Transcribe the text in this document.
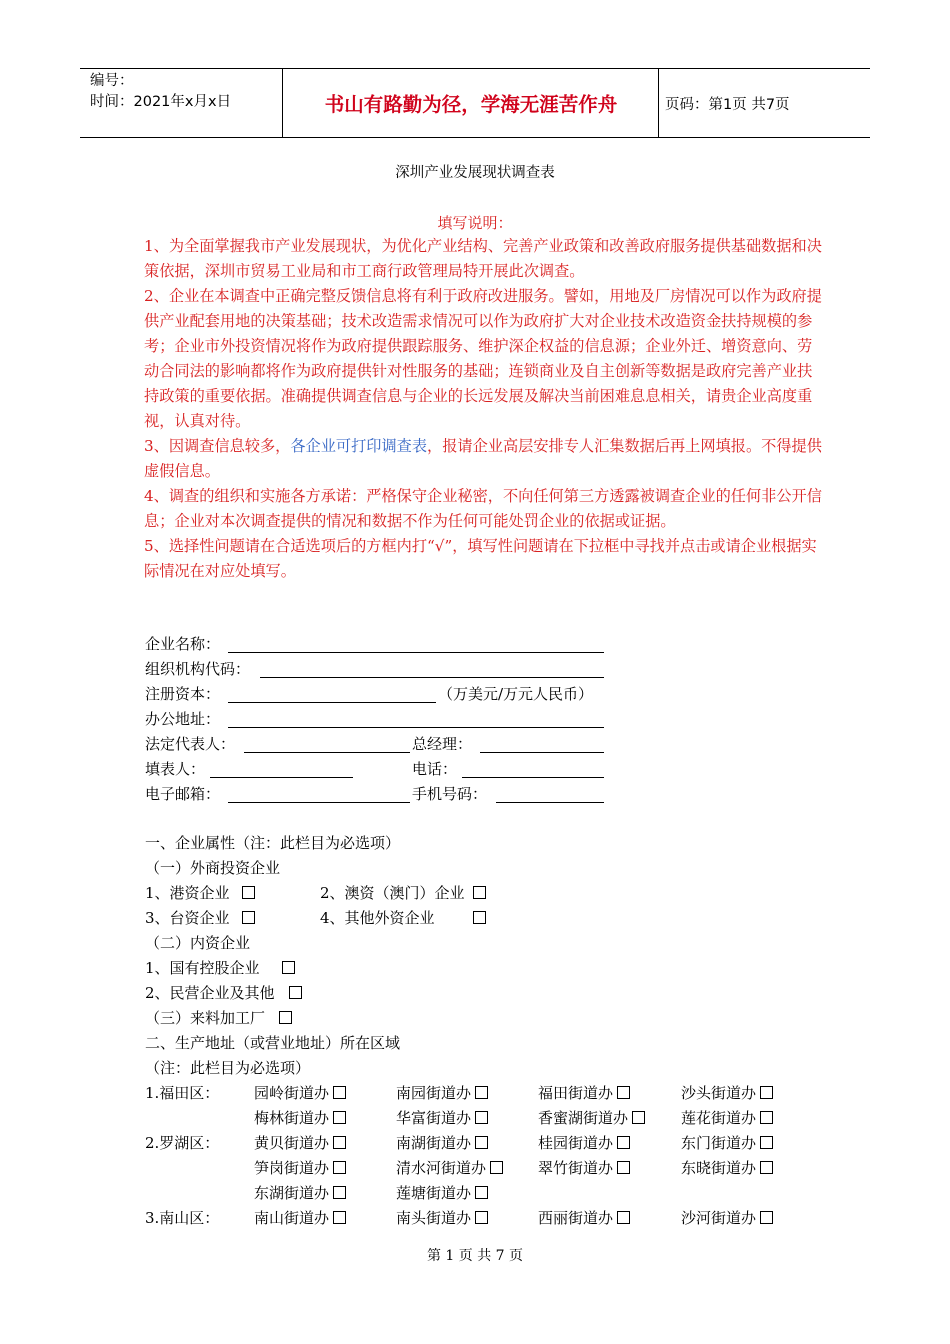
编号：
时间：2021年x月x日	书山有路勤为径，学海无涯苦作舟	页码：第1页 共7页
深圳产业发展现状调查表
填写说明：

1、为全面掌握我市产业发展现状，为优化产业结构、完善产业政策和改善政府服务提供基础数据和决策依据，深圳市贸易工业局和市工商行政管理局特开展此次调查。

2、企业在本调查中正确完整反馈信息将有利于政府改进服务。譬如，用地及厂房情况可以作为政府提供产业配套用地的决策基础；技术改造需求情况可以作为政府扩大对企业技术改造资金扶持规模的参考；企业市外投资情况将作为政府提供跟踪服务、维护深企权益的信息源；企业外迁、增资意向、劳动合同法的影响都将作为政府提供针对性服务的基础；连锁商业及自主创新等数据是政府完善产业扶持政策的重要依据。准确提供调查信息与企业的长远发展及解决当前困难息息相关，请贵企业高度重视，认真对待。

3、因调查信息较多，各企业可打印调查表，报请企业高层安排专人汇集数据后再上网填报。不得提供虚假信息。

4、调查的组织和实施各方承诺：严格保守企业秘密，不向任何第三方透露被调查企业的任何非公开信息；企业对本次调查提供的情况和数据不作为任何可能处罚企业的依据或证据。

5、选择性问题请在合适选项后的方框内打“√”，填写性问题请在下拉框中寻找并点击或请企业根据实际情况在对应处填写。

企业名称：
组织机构代码：
注册资本：	（万美元/万元人民币）
办公地址：
法定代表人：	总经理：
填表人：	电话：
电子邮箱：	手机号码：
一、企业属性（注：此栏目为必选项）
（一）外商投资企业
1、港资企业	2、澳资（澳门）企业
3、台资企业	4、其他外资企业
（二）内资企业
1、国有控股企业
2、民营企业及其他
（三）来料加工厂
二、生产地址（或营业地址）所在区域
（注：此栏目为必选项）
1.福田区： 园岭街道办	南园街道办	福田街道办	沙头街道办
梅林街道办	华富街道办	香蜜湖街道办	莲花街道办
2.罗湖区： 黄贝街道办	南湖街道办	桂园街道办	东门街道办
笋岗街道办	清水河街道办	翠竹街道办	东晓街道办
东湖街道办	莲塘街道办
3.南山区： 南山街道办	南头街道办	西丽街道办	沙河街道办
第 1 页 共 7 页
